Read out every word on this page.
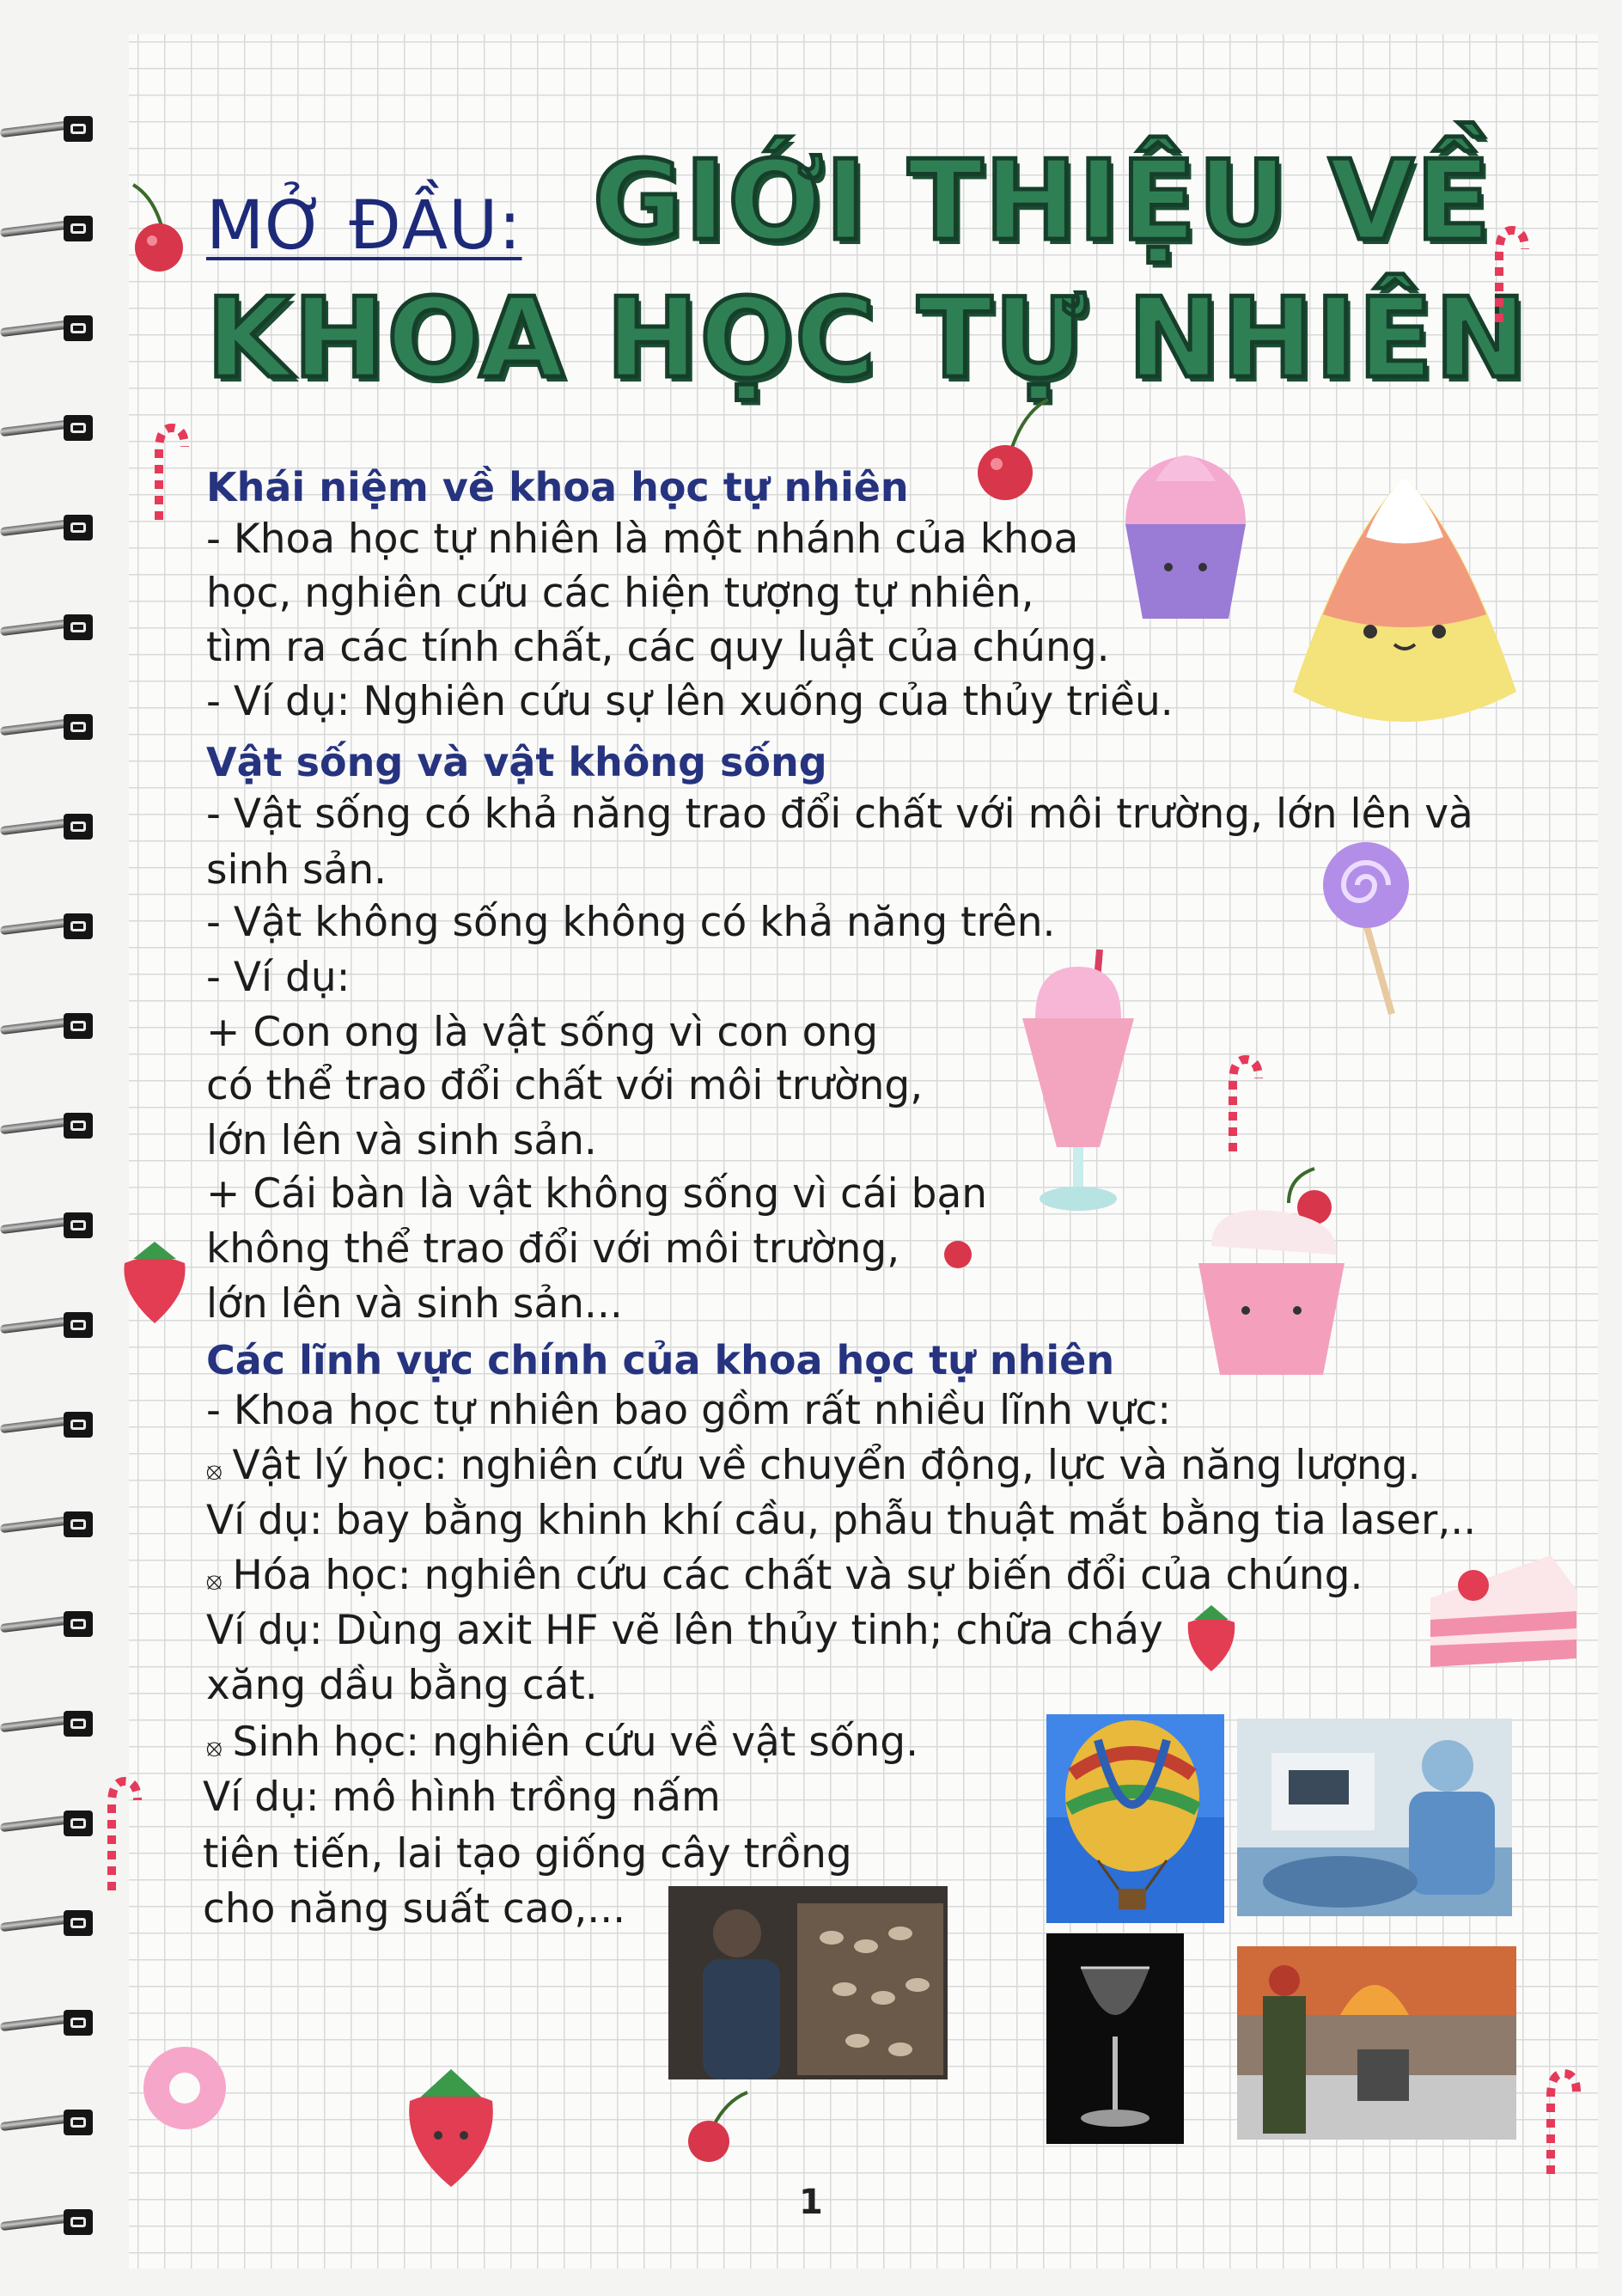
MỞ ĐẦU: GIỚI THIỆU VỀ
KHOA HỌC TỰ NHIÊN
Khái niệm về khoa học tự nhiên
- Khoa học tự nhiên là một nhánh của khoa
học, nghiên cứu các hiện tượng tự nhiên,
tìm ra các tính chất, các quy luật của chúng.
- Ví dụ: Nghiên cứu sự lên xuống của thủy triều.
Vật sống và vật không sống
- Vật sống có khả năng trao đổi chất với môi trường, lớn lên và
sinh sản.
- Vật không sống không có khả năng trên.
- Ví dụ:
+ Con ong là vật sống vì con ong
có thể trao đổi chất với môi trường,
lớn lên và sinh sản.
+ Cái bàn là vật không sống vì cái bạn
không thể trao đổi với môi trường,
lớn lên và sinh sản...
Các lĩnh vực chính của khoa học tự nhiên
- Khoa học tự nhiên bao gồm rất nhiều lĩnh vực:
⦻ Vật lý học: nghiên cứu về chuyển động, lực và năng lượng.
Ví dụ: bay bằng khinh khí cầu, phẫu thuật mắt bằng tia laser,..
⦻ Hóa học: nghiên cứu các chất và sự biến đổi của chúng.
Ví dụ: Dùng axit HF vẽ lên thủy tinh; chữa cháy
xăng dầu bằng cát.
⦻ Sinh học: nghiên cứu về vật sống.
Ví dụ: mô hình trồng nấm
tiên tiến, lai tạo giống cây trồng
cho năng suất cao,...
1
